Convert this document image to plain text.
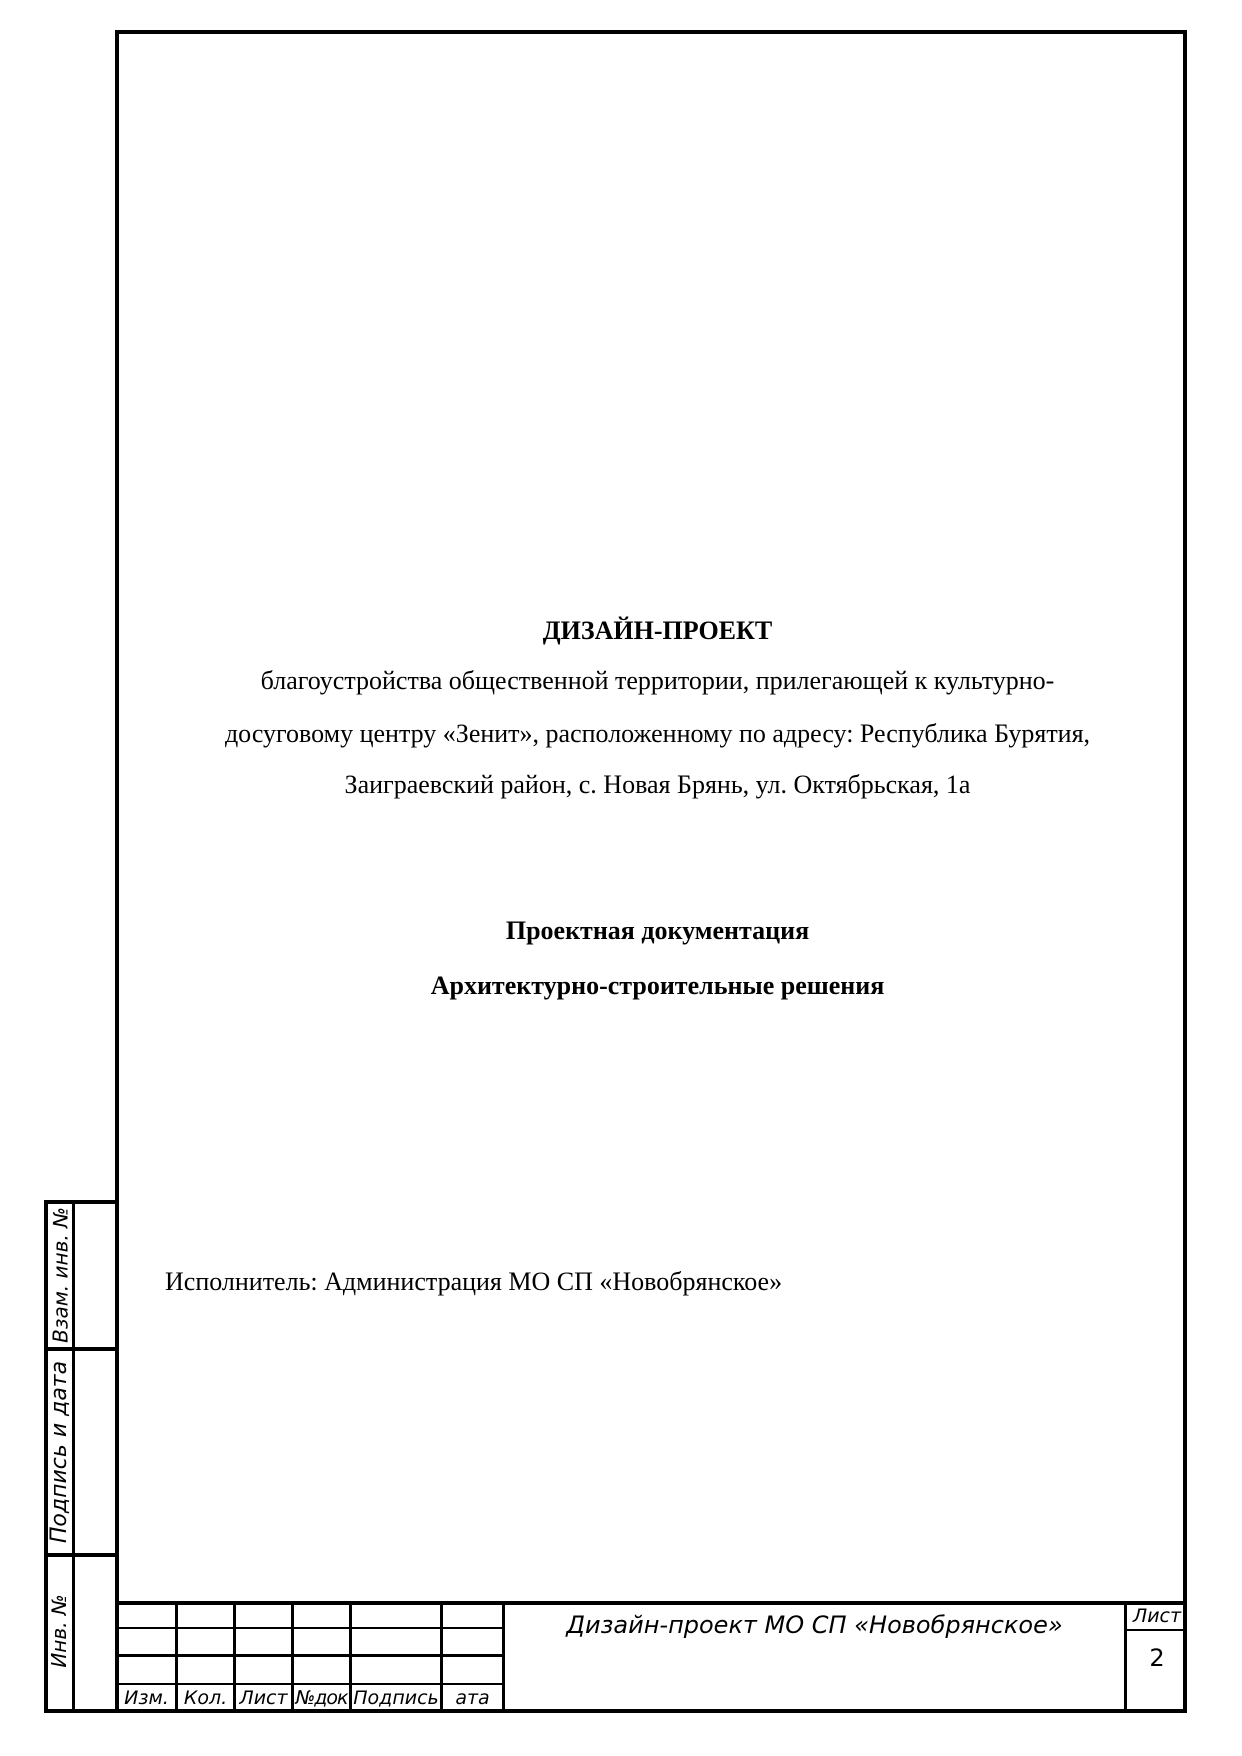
Взам. инв. №
Подпись и дата
Инв. №
ДИЗАЙН-ПРОЕКТ
благоустройства общественной территории, прилегающей к культурно-
досуговому центру «Зенит», расположенному по адресу: Республика Бурятия,
Заиграевский район, с. Новая Брянь, ул. Октябрьская, 1а
Проектная документация
Архитектурно-строительные решения
Исполнитель: Администрация МО СП «Новобрянское»
Изм. Кол. Лист №док Подпись ата
Дизайн-проект МО СП «Новобрянское»	Лист
2
